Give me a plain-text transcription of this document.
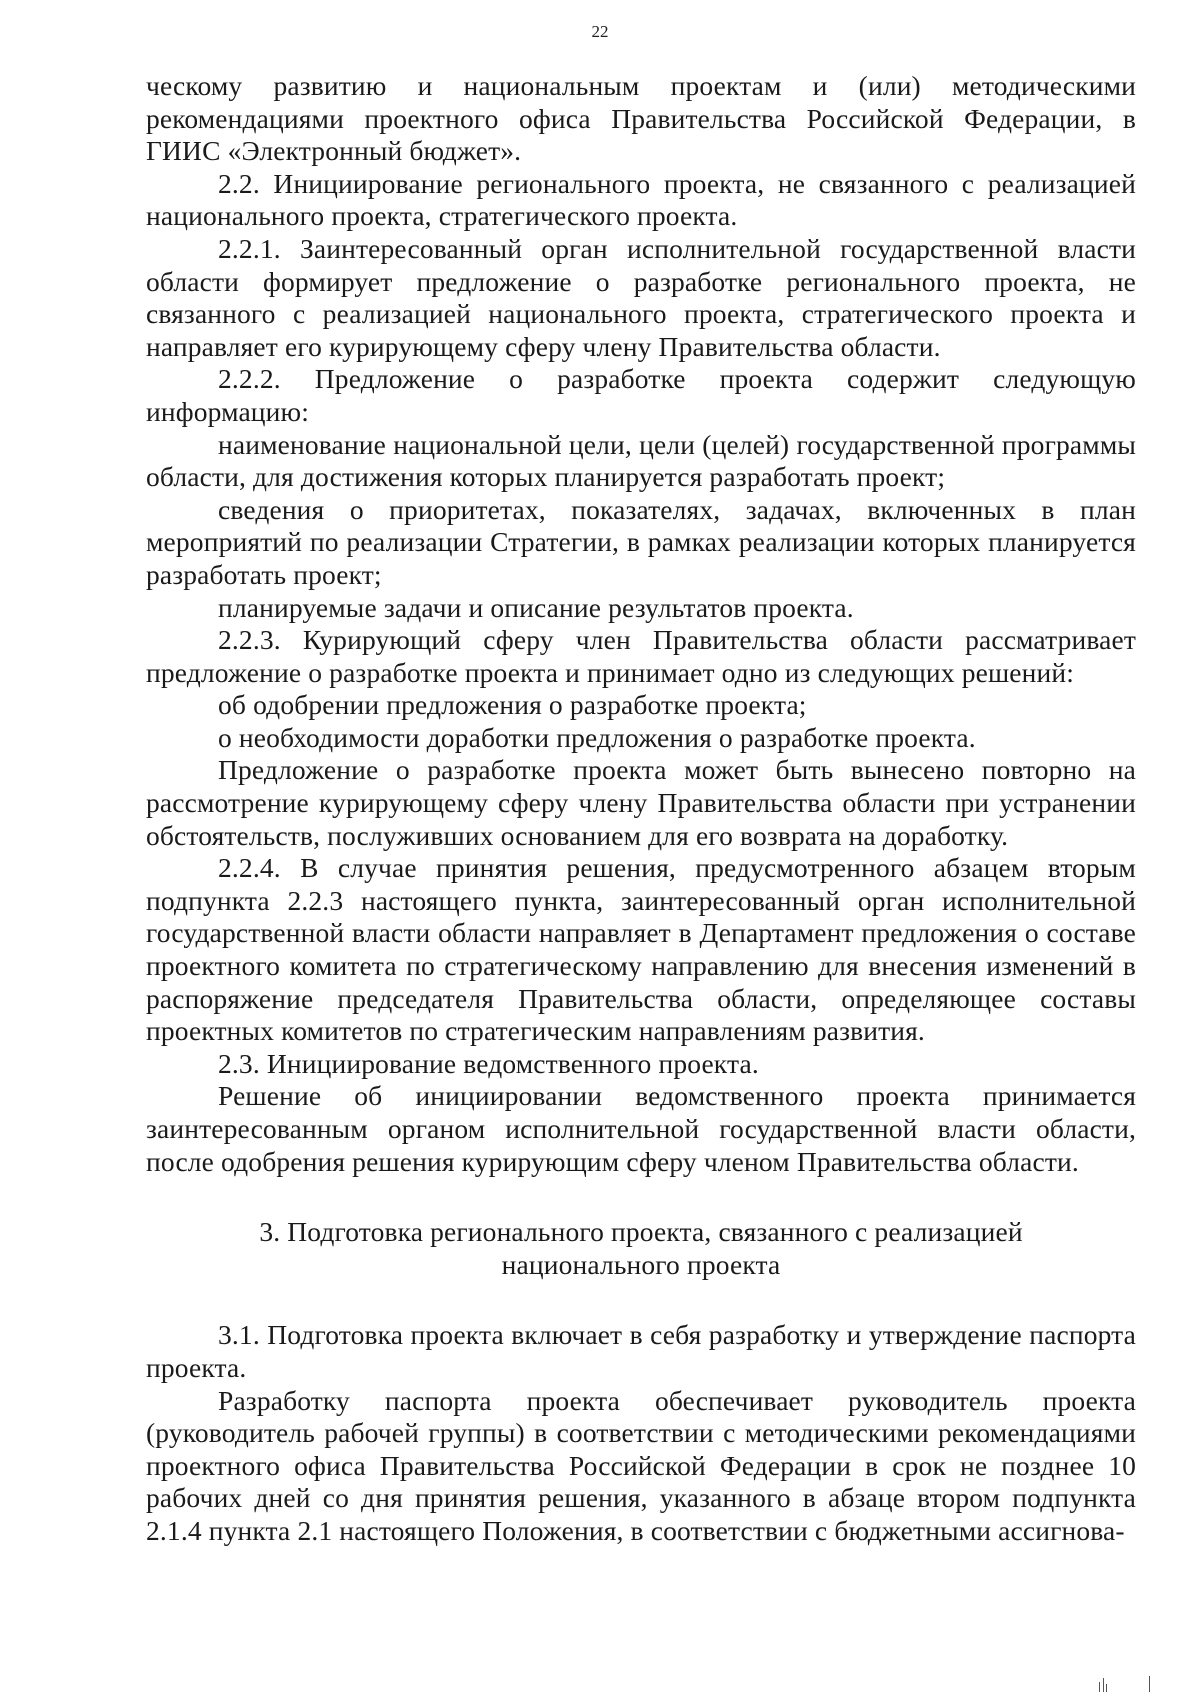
22

ческому развитию и национальным проектам и (или) методическими рекомендациями проектного офиса Правительства Российской Федерации, в ГИИС «Электронный бюджет».

2.2. Инициирование регионального проекта, не связанного с реализацией национального проекта, стратегического проекта.

2.2.1. Заинтересованный орган исполнительной государственной власти области формирует предложение о разработке регионального проекта, не связанного с реализацией национального проекта, стратегического проекта и направляет его курирующему сферу члену Правительства области.

2.2.2. Предложение о разработке проекта содержит следующую информацию:

наименование национальной цели, цели (целей) государственной программы области, для достижения которых планируется разработать проект;

сведения о приоритетах, показателях, задачах, включенных в план мероприятий по реализации Стратегии, в рамках реализации которых планируется разработать проект;

планируемые задачи и описание результатов проекта.

2.2.3. Курирующий сферу член Правительства области рассматривает предложение о разработке проекта и принимает одно из следующих решений:

об одобрении предложения о разработке проекта;

о необходимости доработки предложения о разработке проекта.

Предложение о разработке проекта может быть вынесено повторно на рассмотрение курирующему сферу члену Правительства области при устранении обстоятельств, послуживших основанием для его возврата на доработку.

2.2.4. В случае принятия решения, предусмотренного абзацем вторым подпункта 2.2.3 настоящего пункта, заинтересованный орган исполнительной государственной власти области направляет в Департамент предложения о составе проектного комитета по стратегическому направлению для внесения изменений в распоряжение председателя Правительства области, определяющее составы проектных комитетов по стратегическим направлениям развития.

2.3. Инициирование ведомственного проекта.

Решение об инициировании ведомственного проекта принимается заинтересованным органом исполнительной государственной власти области, после одобрения решения курирующим сферу членом Правительства области.

3. Подготовка регионального проекта, связанного с реализацией
национального проекта

3.1. Подготовка проекта включает в себя разработку и утверждение паспорта проекта.

Разработку паспорта проекта обеспечивает руководитель проекта (руководитель рабочей группы) в соответствии с методическими рекомендациями проектного офиса Правительства Российской Федерации в срок не позднее 10 рабочих дней со дня принятия решения, указанного в абзаце втором подпункта 2.1.4 пункта 2.1 настоящего Положения, в соответствии с бюджетными ассигнова-
